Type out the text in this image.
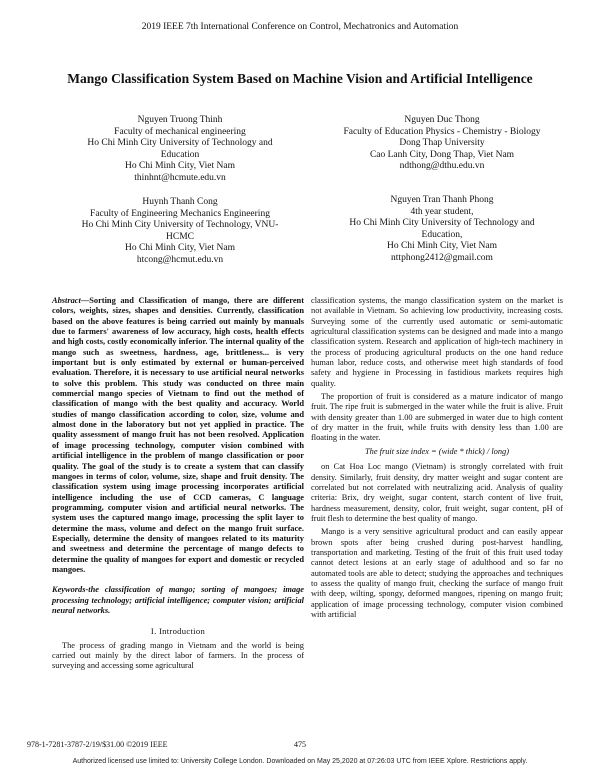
2019 IEEE 7th International Conference on Control, Mechatronics and Automation
Mango Classification System Based on Machine Vision and Artificial Intelligence
Nguyen Truong Thinh
Faculty of mechanical engineering
Ho Chi Minh City University of Technology and
Education
Ho Chi Minh City, Viet Nam
thinhnt@hcmute.edu.vn
Nguyen Duc Thong
Faculty of Education Physics - Chemistry - Biology
Dong Thap University
Cao Lanh City, Dong Thap, Viet Nam
ndthong@dthu.edu.vn
Huynh Thanh Cong
Faculty of Engineering Mechanics Engineering
Ho Chi Minh City University of Technology, VNU-
HCMC
Ho Chi Minh City, Viet Nam
htcong@hcmut.edu.vn
Nguyen Tran Thanh Phong
4th year student,
Ho Chi Minh City University of Technology and
Education,
Ho Chi Minh City, Viet Nam
nttphong2412@gmail.com

Abstract—Sorting and Classification of mango, there are different colors, weights, sizes, shapes and densities. Currently, classification based on the above features is being carried out mainly by manuals due to farmers' awareness of low accuracy, high costs, health effects and high costs, costly economically inferior. The internal quality of the mango such as sweetness, hardness, age, brittleness... is very important but is only estimated by external or human-perceived evaluation. Therefore, it is necessary to use artificial neural networks to solve this problem. This study was conducted on three main commercial mango species of Vietnam to find out the method of classification of mango with the best quality and accuracy. World studies of mango classification according to color, size, volume and almost done in the laboratory but not yet applied in practice. The quality assessment of mango fruit has not been resolved. Application of image processing technology, computer vision combined with artificial intelligence in the problem of mango classification or poor quality. The goal of the study is to create a system that can classify mangoes in terms of color, volume, size, shape and fruit density. The classification system using image processing incorporates artificial intelligence including the use of CCD cameras, C language programming, computer vision and artificial neural networks. The system uses the captured mango image, processing the split layer to determine the mass, volume and defect on the mango fruit surface. Especially, determine the density of mangoes related to its maturity and sweetness and determine the percentage of mango defects to determine the quality of mangoes for export and domestic or recycled mangoes.

Keywords-the classification of mango; sorting of mangoes; image processing technology; artificial intelligence; computer vision; artificial neural networks.

I. Introduction

The process of grading mango in Vietnam and the world is being carried out mainly by the direct labor of farmers. In the process of surveying and accessing some agricultural

classification systems, the mango classification system on the market is not available in Vietnam. So achieving low productivity, increasing costs. Surveying some of the currently used automatic or semi-automatic agricultural classification systems can be designed and made into a mango classification system. Research and application of high-tech machinery in the process of producing agricultural products on the one hand reduce human labor, reduce costs, and otherwise meet high standards of food safety and hygiene in Processing in fastidious markets requires high quality.

The proportion of fruit is considered as a mature indicator of mango fruit. The ripe fruit is submerged in the water while the fruit is alive. Fruit with density greater than 1.00 are submerged in water due to high content of dry matter in the fruit, while fruits with density less than 1.00 are floating in the water.

The fruit size index = (wide * thick) / long)

on Cat Hoa Loc mango (Vietnam) is strongly correlated with fruit density. Similarly, fruit density, dry matter weight and sugar content are correlated but not correlated with neutralizing acid. Analysis of quality criteria: Brix, dry weight, sugar content, starch content of live fruit, hardness measurement, density, color, fruit weight, sugar content, pH of fruit flesh to determine the best quality of mango.

Mango is a very sensitive agricultural product and can easily appear brown spots after being crushed during post-harvest handling, transportation and marketing. Testing of the fruit of this fruit used today cannot detect lesions at an early stage of adulthood and so far no automated tools are able to detect; studying the approaches and techniques to assess the quality of mango fruit, checking the surface of mango fruit with deep, wilting, spongy, deformed mangoes, ripening on mango fruit; application of image processing technology, computer vision combined with artificial

978-1-7281-3787-2/19/$31.00 ©2019 IEEE	475
Authorized licensed use limited to: University College London. Downloaded on May 25,2020 at 07:26:03 UTC from IEEE Xplore. Restrictions apply.
